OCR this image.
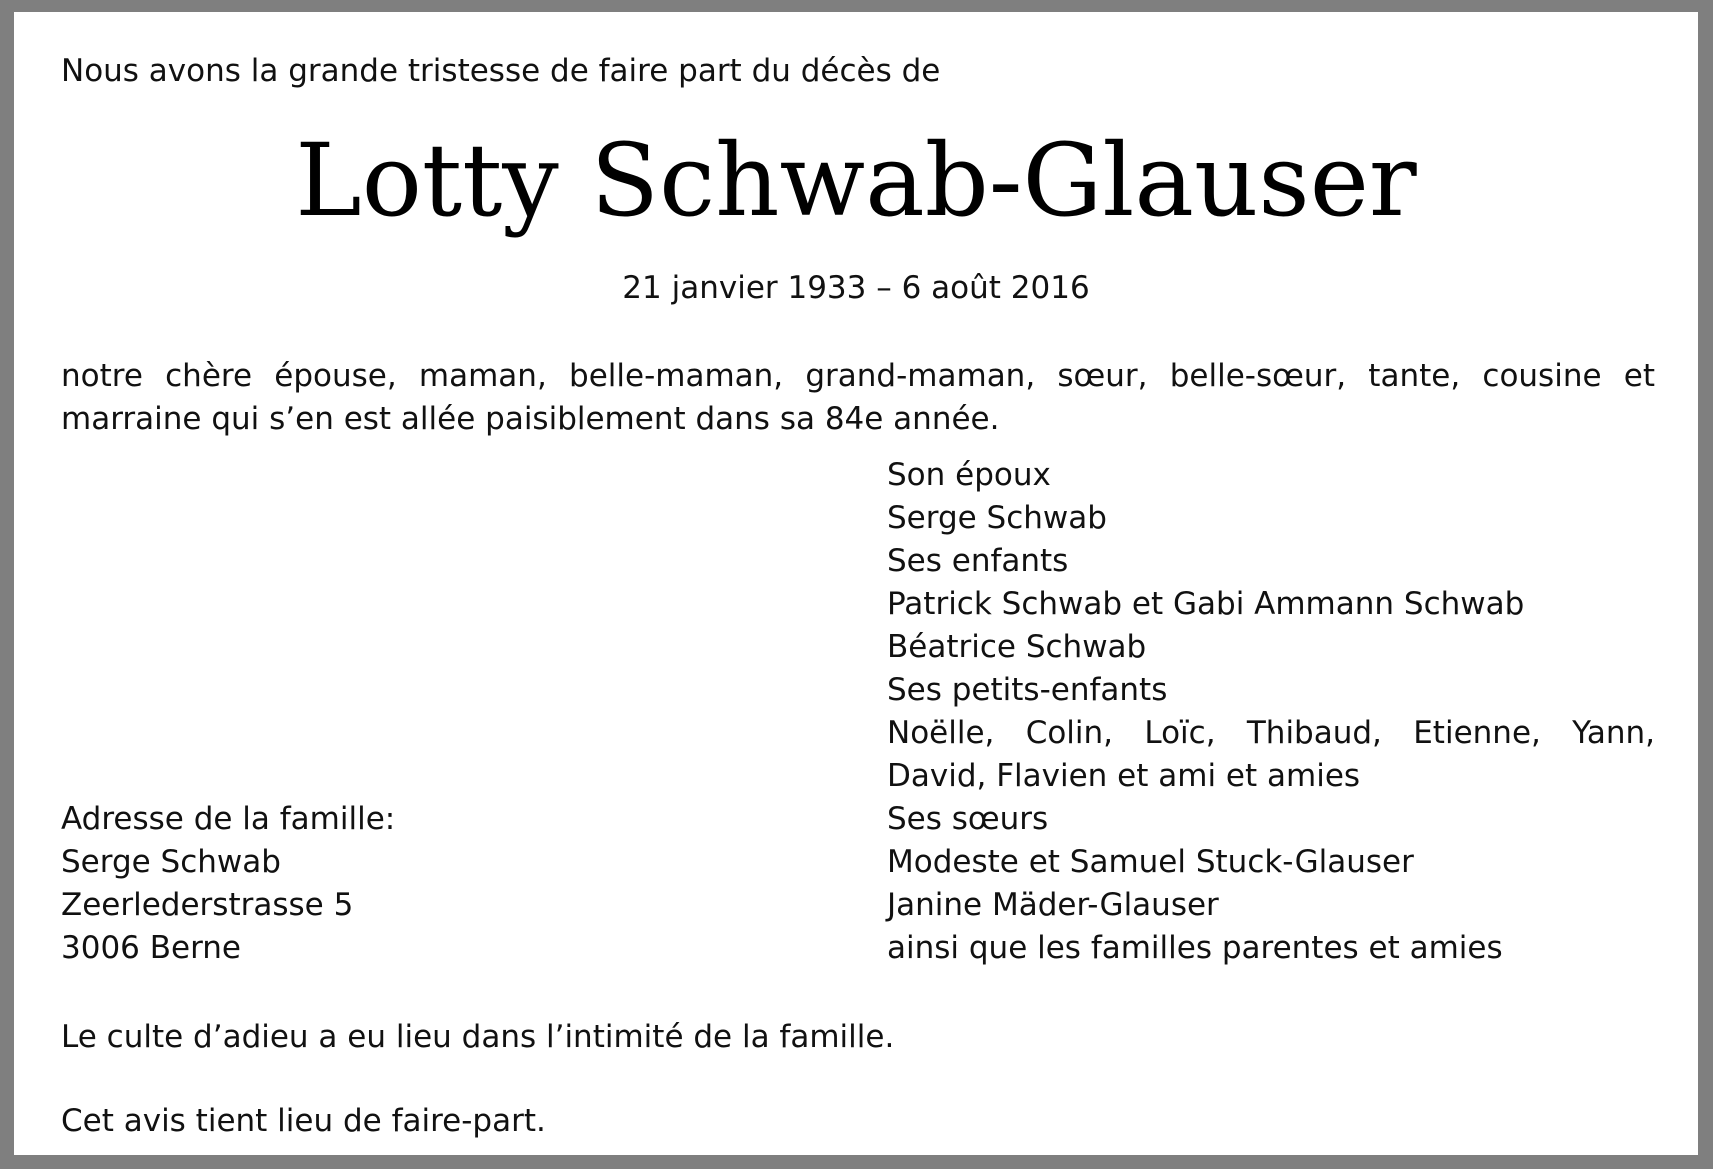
Nous avons la grande tristesse de faire part du décès de
Lotty Schwab-Glauser
21 janvier 1933 – 6 août 2016
notre chère épouse, maman, belle-maman, grand-maman, sœur, belle-sœur, tante, cousine et marraine qui s’en est allée paisiblement dans sa 84e année.
Son époux
Serge Schwab
Ses enfants
Patrick Schwab et Gabi Ammann Schwab
Béatrice Schwab
Ses petits-enfants
Noëlle, Colin, Loïc, Thibaud, Etienne, Yann, David, Flavien et ami et amies
Ses sœurs
Modeste et Samuel Stuck-Glauser
Janine Mäder-Glauser
ainsi que les familles parentes et amies
Adresse de la famille:
Serge Schwab
Zeerlederstrasse 5
3006 Berne
Le culte d’adieu a eu lieu dans l’intimité de la famille.
Cet avis tient lieu de faire-part.
